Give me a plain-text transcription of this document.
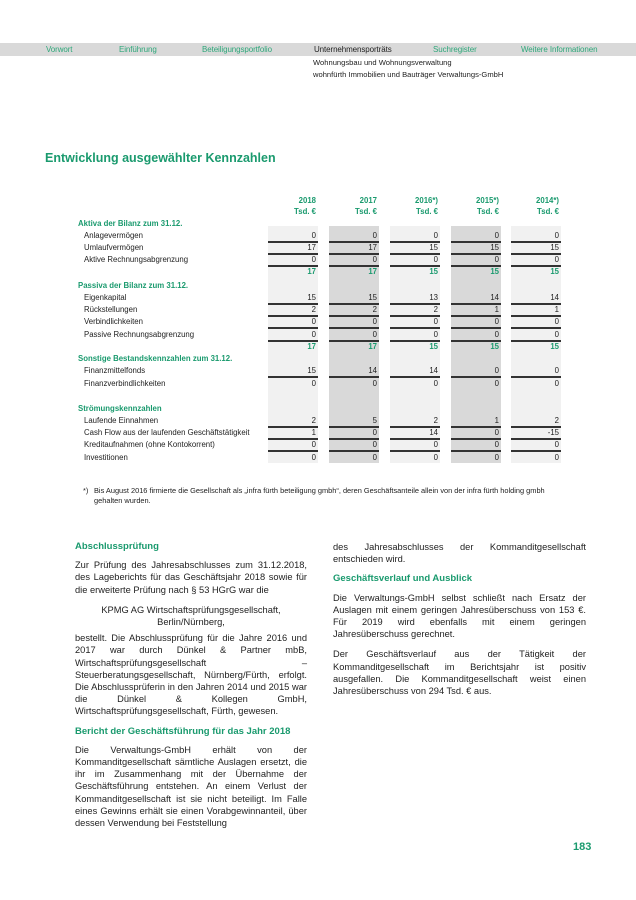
Vorwort	Einführung	Beteiligungsportfolio	Unternehmensporträts	Suchregister	Weitere Informationen
Wohnungsbau und Wohnungsverwaltung
wohnfürth Immobilien und Bauträger Verwaltungs-GmbH
Entwicklung ausgewählter Kennzahlen
2018
Tsd. €
2017
Tsd. €
2016*)
Tsd. €
2015*)
Tsd. €
2014*)
Tsd. €
Aktiva der Bilanz zum 31.12.
Anlagevermögen	0	0	0	0	0
Umlaufvermögen	17	17	15	15	15
Aktive Rechnungsabgrenzung	0	0	0	0	0
17	17	15	15	15
Passiva der Bilanz zum 31.12.
Eigenkapital	15	15	13	14	14
Rückstellungen	2	2	2	1	1
Verbindlichkeiten	0	0	0	0	0
Passive Rechnungsabgrenzung	0	0	0	0	0
17	17	15	15	15
Sonstige Bestandskennzahlen zum 31.12.
Finanzmittelfonds	15	14	14	0	0
Finanzverbindlichkeiten	0	0	0	0	0
Strömungskennzahlen
Laufende Einnahmen	2	5	2	1	2
Cash Flow aus der laufenden Geschäftstätigkeit	1	0	14	0	-15
Kreditaufnahmen (ohne Kontokorrent)	0	0	0	0	0
Investitionen	0	0	0	0	0
*) Bis August 2016 firmierte die Gesellschaft als „infra fürth beteiligung gmbh“, deren Geschäftsanteile allein von der infra fürth holding gmbh gehalten wurden.
Abschlussprüfung

Zur Prüfung des Jahresabschlusses zum 31.12.2018, des Lageberichts für das Geschäftsjahr 2018 sowie für die erweiterte Prüfung nach § 53 HGrG war die

KPMG AG Wirtschaftsprüfungsgesellschaft,
Berlin/Nürnberg,

bestellt. Die Abschlussprüfung für die Jahre 2016 und 2017 war durch Dünkel & Partner mbB, Wirtschaftsprüfungsgesellschaft – Steuerberatungsgesellschaft, Nürnberg/Fürth, erfolgt. Die Abschlussprüferin in den Jahren 2014 und 2015 war die Dünkel & Kollegen GmbH, Wirtschaftsprüfungsgesellschaft, Fürth, gewesen.

Bericht der Geschäftsführung für das Jahr 2018

Die Verwaltungs-GmbH erhält von der Kommanditgesellschaft sämtliche Auslagen ersetzt, die ihr im Zusammenhang mit der Übernahme der Geschäftsführung entstehen. An einem Verlust der Kommanditgesellschaft ist sie nicht beteiligt. Im Falle eines Gewinns erhält sie einen Vorabgewinnanteil, über dessen Verwendung bei Feststellung

des Jahresabschlusses der Kommanditgesellschaft entschieden wird.

Geschäftsverlauf und Ausblick

Die Verwaltungs-GmbH selbst schließt nach Ersatz der Auslagen mit einem geringen Jahresüberschuss von 153 €. Für 2019 wird ebenfalls mit einem geringen Jahresüberschuss gerechnet.

Der Geschäftsverlauf aus der Tätigkeit der Kommanditgesellschaft im Berichtsjahr ist positiv ausgefallen. Die Kommanditgesellschaft weist einen Jahresüberschuss von 294 Tsd. € aus.

183
